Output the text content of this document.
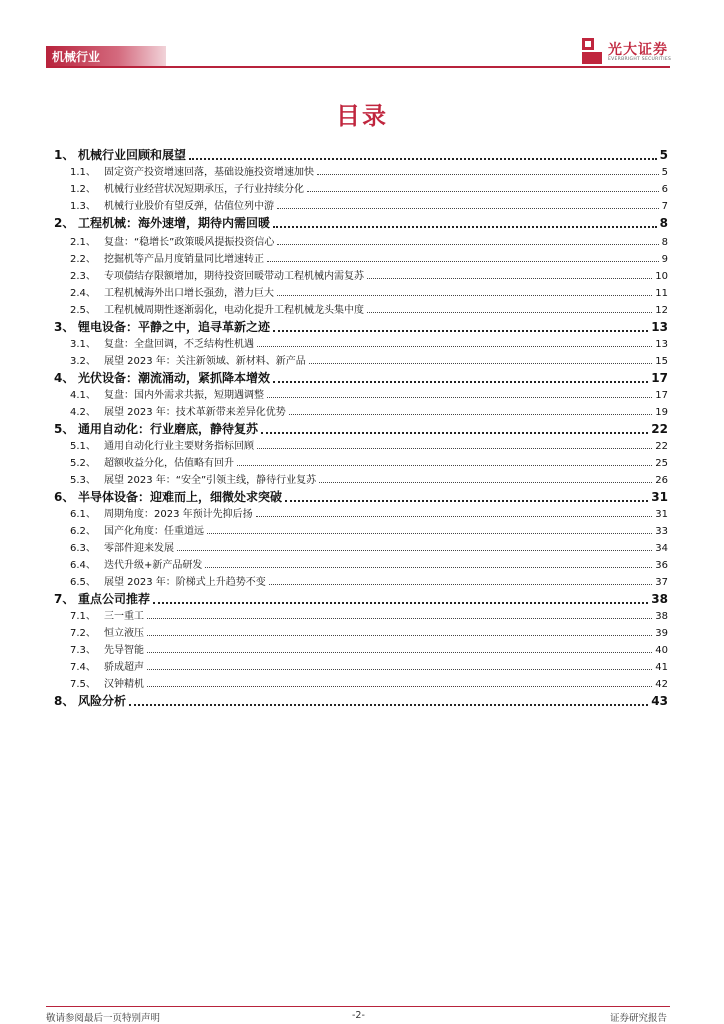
机械行业	光大证券
EVERBRIGHT SECURITIES
目录
1、 机械行业回顾和展望	5
1.1、 固定资产投资增速回落，基础设施投资增速加快	5
1.2、 机械行业经营状况短期承压，子行业持续分化	6
1.3、 机械行业股价有望反弹，估值位列中游	7
2、 工程机械：海外速增，期待内需回暖	8
2.1、 复盘：“稳增长”政策暖风提振投资信心	8
2.2、 挖掘机等产品月度销量同比增速转正	9
2.3、 专项债结存限额增加，期待投资回暖带动工程机械内需复苏	10
2.4、 工程机械海外出口增长强劲，潜力巨大	11
2.5、 工程机械周期性逐渐弱化，电动化提升工程机械龙头集中度	12
3、 锂电设备：平静之中，追寻革新之迹	13
3.1、 复盘：全盘回调，不乏结构性机遇	13
3.2、 展望 2023 年：关注新领域、新材料、新产品	15
4、 光伏设备：潮流涌动，紧抓降本增效	17
4.1、 复盘：国内外需求共振，短期遇调整	17
4.2、 展望 2023 年：技术革新带来差异化优势	19
5、 通用自动化：行业磨底，静待复苏	22
5.1、 通用自动化行业主要财务指标回顾	22
5.2、 超额收益分化，估值略有回升	25
5.3、 展望 2023 年：“安全”引领主线，静待行业复苏	26
6、 半导体设备：迎难而上，细微处求突破	31
6.1、 周期角度：2023 年预计先抑后扬	31
6.2、 国产化角度：任重道远	33
6.3、 零部件迎来发展	34
6.4、 迭代升级+新产品研发	36
6.5、 展望 2023 年：阶梯式上升趋势不变	37
7、 重点公司推荐	38
7.1、 三一重工	38
7.2、 恒立液压	39
7.3、 先导智能	40
7.4、 骄成超声	41
7.5、 汉钟精机	42
8、 风险分析	43
敬请参阅最后一页特别声明	-2-	证券研究报告
